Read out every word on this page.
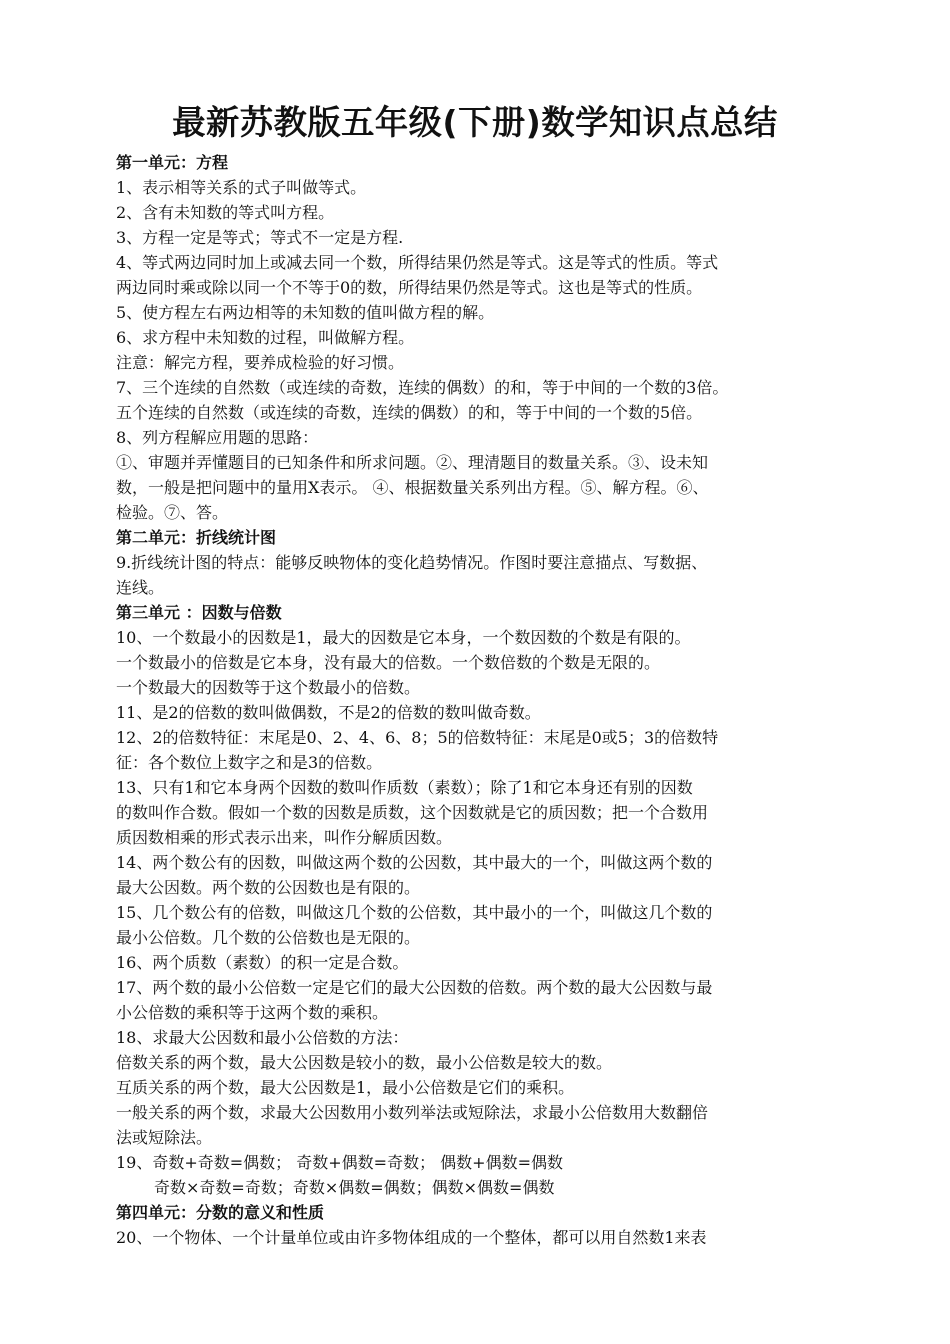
最新苏教版五年级(下册)数学知识点总结
第一单元：方程
1、表示相等关系的式子叫做等式。
2、含有未知数的等式叫方程。
3、方程一定是等式；等式不一定是方程.
4、等式两边同时加上或减去同一个数，所得结果仍然是等式。这是等式的性质。等式
两边同时乘或除以同一个不等于0的数，所得结果仍然是等式。这也是等式的性质。
5、使方程左右两边相等的未知数的值叫做方程的解。
6、求方程中未知数的过程，叫做解方程。
注意：解完方程，要养成检验的好习惯。
7、三个连续的自然数（或连续的奇数，连续的偶数）的和，等于中间的一个数的3倍。
五个连续的自然数（或连续的奇数，连续的偶数）的和，等于中间的一个数的5倍。
8、列方程解应用题的思路：
①、审题并弄懂题目的已知条件和所求问题。②、理清题目的数量关系。③、设未知
数，一般是把问题中的量用X表示。 ④、根据数量关系列出方程。⑤、解方程。⑥、
检验。⑦、答。
第二单元：折线统计图
9.折线统计图的特点：能够反映物体的变化趋势情况。作图时要注意描点、写数据、
连线。
第三单元 ：因数与倍数
10、一个数最小的因数是1，最大的因数是它本身，一个数因数的个数是有限的。
一个数最小的倍数是它本身，没有最大的倍数。一个数倍数的个数是无限的。
一个数最大的因数等于这个数最小的倍数。
11、是2的倍数的数叫做偶数，不是2的倍数的数叫做奇数。
12、2的倍数特征：末尾是0、2、4、6、8；5的倍数特征：末尾是0或5；3的倍数特
征：各个数位上数字之和是3的倍数。
13、只有1和它本身两个因数的数叫作质数（素数）；除了1和它本身还有别的因数
的数叫作合数。假如一个数的因数是质数，这个因数就是它的质因数；把一个合数用
质因数相乘的形式表示出来，叫作分解质因数。
14、两个数公有的因数，叫做这两个数的公因数，其中最大的一个，叫做这两个数的
最大公因数。两个数的公因数也是有限的。
15、几个数公有的倍数，叫做这几个数的公倍数，其中最小的一个，叫做这几个数的
最小公倍数。几个数的公倍数也是无限的。
16、两个质数（素数）的积一定是合数。
17、两个数的最小公倍数一定是它们的最大公因数的倍数。两个数的最大公因数与最
小公倍数的乘积等于这两个数的乘积。
18、求最大公因数和最小公倍数的方法：
倍数关系的两个数，最大公因数是较小的数，最小公倍数是较大的数。
互质关系的两个数，最大公因数是1，最小公倍数是它们的乘积。
一般关系的两个数，求最大公因数用小数列举法或短除法，求最小公倍数用大数翻倍
法或短除法。
19、奇数+奇数=偶数； 奇数+偶数=奇数； 偶数+偶数=偶数
奇数×奇数=奇数；奇数×偶数=偶数；偶数×偶数=偶数
第四单元：分数的意义和性质
20、一个物体、一个计量单位或由许多物体组成的一个整体，都可以用自然数1来表
